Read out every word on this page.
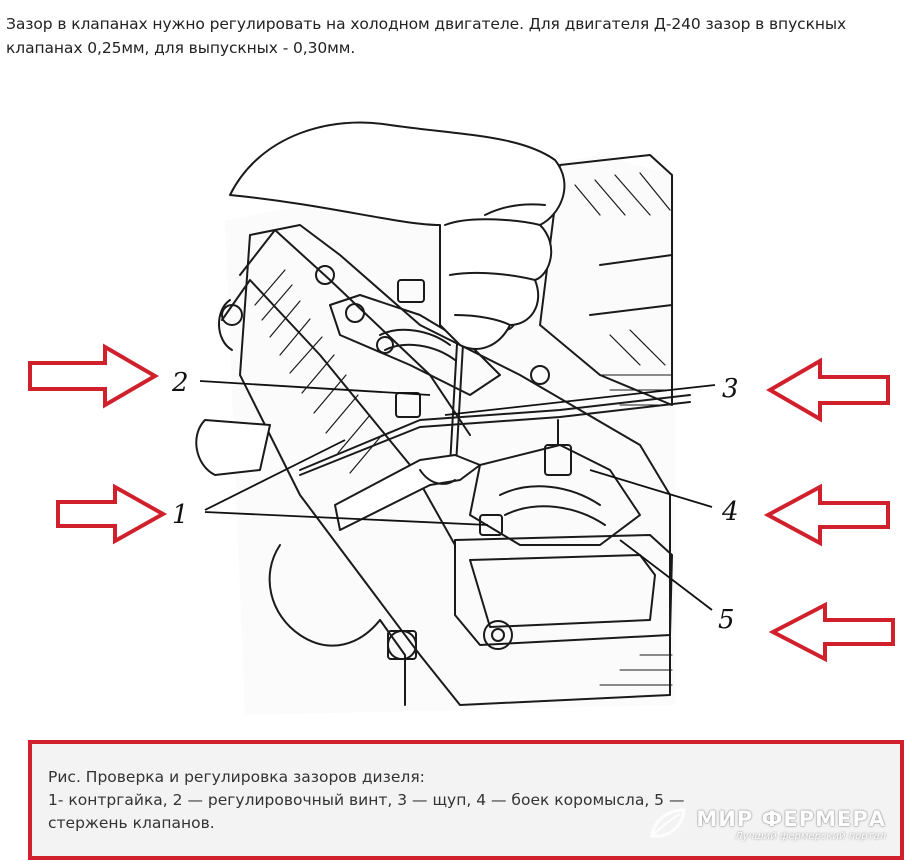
Зазор в клапанах нужно регулировать на холодном двигателе. Для двигателя Д-240 зазор в впускных клапанах 0,25мм, для выпускных - 0,30мм.
2	3
1	4
5
Рис. Проверка и регулировка зазоров дизеля:
1- контргайка, 2 — регулировочный винт, 3 — щуп, 4 — боек коромысла, 5 —
стержень клапанов.	МИР ФЕРМЕРА
Лучший фермерский портал
